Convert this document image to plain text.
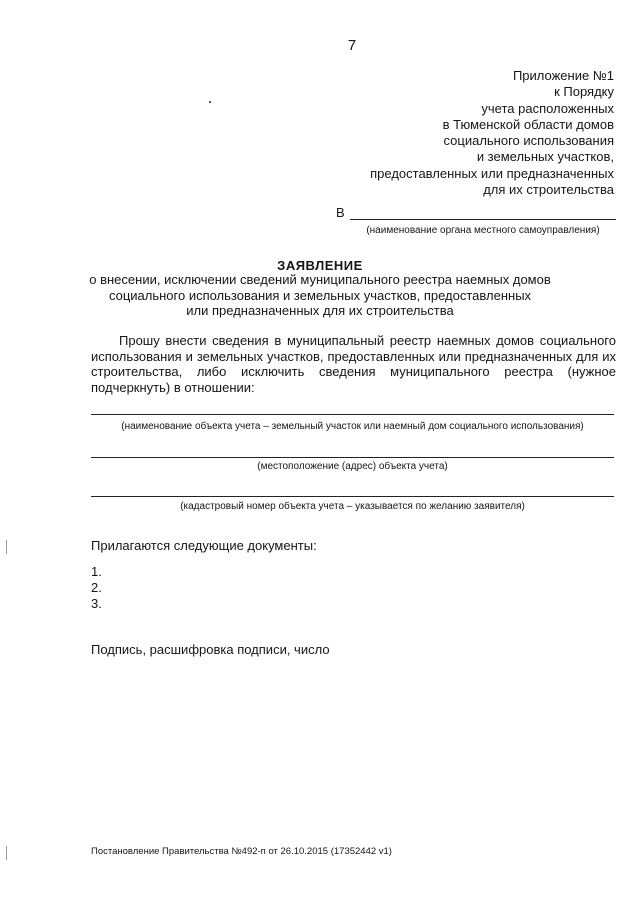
7
Приложение №1
к Порядку
учета расположенных
в Тюменской области домов
социального использования
и земельных участков,
предоставленных или предназначенных
для их строительства
В
(наименование органа местного самоуправления)
ЗАЯВЛЕНИЕ
о внесении, исключении сведений муниципального реестра наемных домов
социального использования и земельных участков, предоставленных
или предназначенных для их строительства
Прошу внести сведения в муниципальный реестр наемных домов социального использования и земельных участков, предоставленных или предназначенных для их строительства, либо исключить сведения муниципального реестра (нужное подчеркнуть) в отношении:
(наименование объекта учета – земельный участок или наемный дом социального использования)
(местоположение (адрес) объекта учета)
(кадастровый номер объекта учета – указывается по желанию заявителя)
Прилагаются следующие документы:
1.
2.
3.
Подпись, расшифровка подписи, число
Постановление Правительства №492-п от 26.10.2015 (17352442 v1)
